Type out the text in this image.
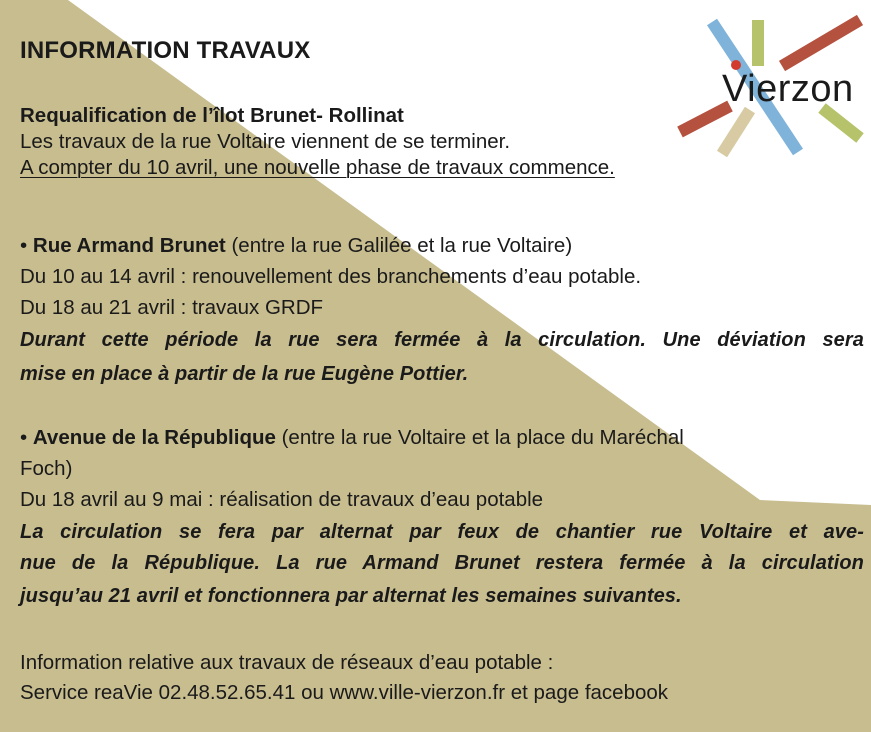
Vierzon
INFORMATION TRAVAUX
Requalification de l’îlot Brunet- Rollinat
Les travaux de la rue Voltaire viennent de se terminer.
A compter du 10 avril, une nouvelle phase de travaux commence.
• Rue Armand Brunet (entre la rue Galilée et la rue Voltaire)
Du 10 au 14 avril : renouvellement des branchements d’eau potable.
Du 18 au 21 avril : travaux GRDF
Durant cette période la rue sera fermée à la circulation. Une déviation sera
mise en place à partir de la rue Eugène Pottier.
• Avenue de la République (entre la rue Voltaire et la place du Maréchal
Foch)
Du 18 avril au 9 mai : réalisation de travaux d’eau potable
La circulation se fera par alternat par feux de chantier rue Voltaire et ave-
nue de la République. La rue Armand Brunet restera fermée à la circulation
jusqu’au 21 avril et fonctionnera par alternat les semaines suivantes.
Information relative aux travaux de réseaux d’eau potable :
Service reaVie 02.48.52.65.41 ou www.ville-vierzon.fr et page facebook
